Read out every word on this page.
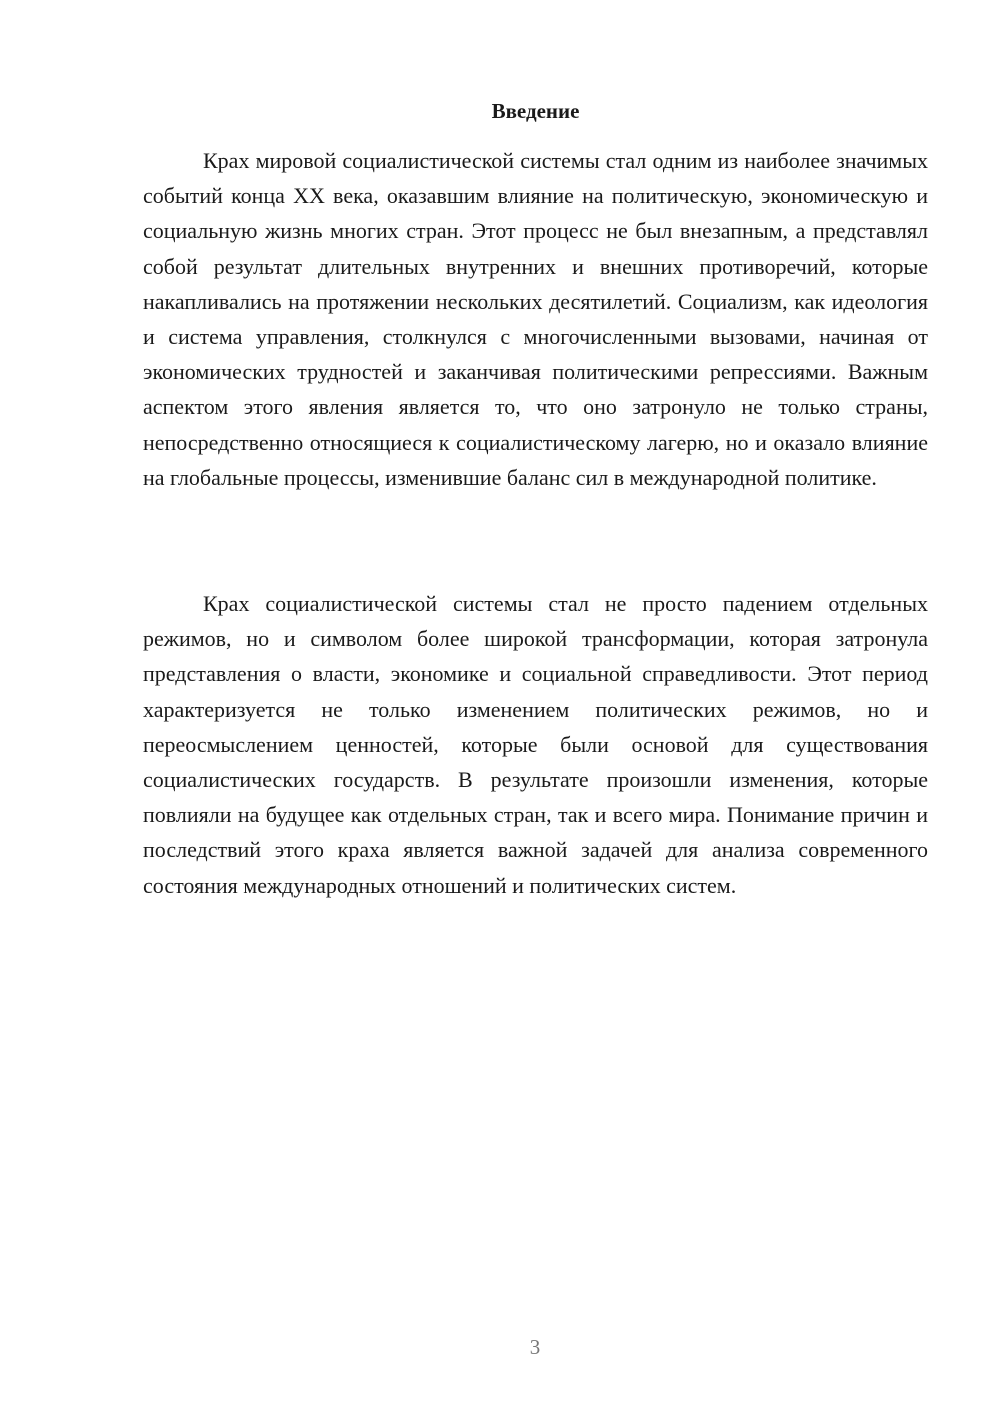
Введение

Крах мировой социалистической системы стал одним из наиболее значимых событий конца XX века, оказавшим влияние на политическую, экономическую и социальную жизнь многих стран. Этот процесс не был внезапным, а представлял собой результат длительных внутренних и внешних противоречий, которые накапливались на протяжении нескольких десятилетий. Социализм, как идеология и система управления, столкнулся с многочисленными вызовами, начиная от экономических трудностей и заканчивая политическими репрессиями. Важным аспектом этого явления является то, что оно затронуло не только страны, непосредственно относящиеся к социалистическому лагерю, но и оказало влияние на глобальные процессы, изменившие баланс сил в международной политике.

Крах социалистической системы стал не просто падением отдельных режимов, но и символом более широкой трансформации, которая затронула представления о власти, экономике и социальной справедливости. Этот период характеризуется не только изменением политических режимов, но и переосмыслением ценностей, которые были основой для существования социалистических государств. В результате произошли изменения, которые повлияли на будущее как отдельных стран, так и всего мира. Понимание причин и последствий этого краха является важной задачей для анализа современного состояния международных отношений и политических систем.

3
